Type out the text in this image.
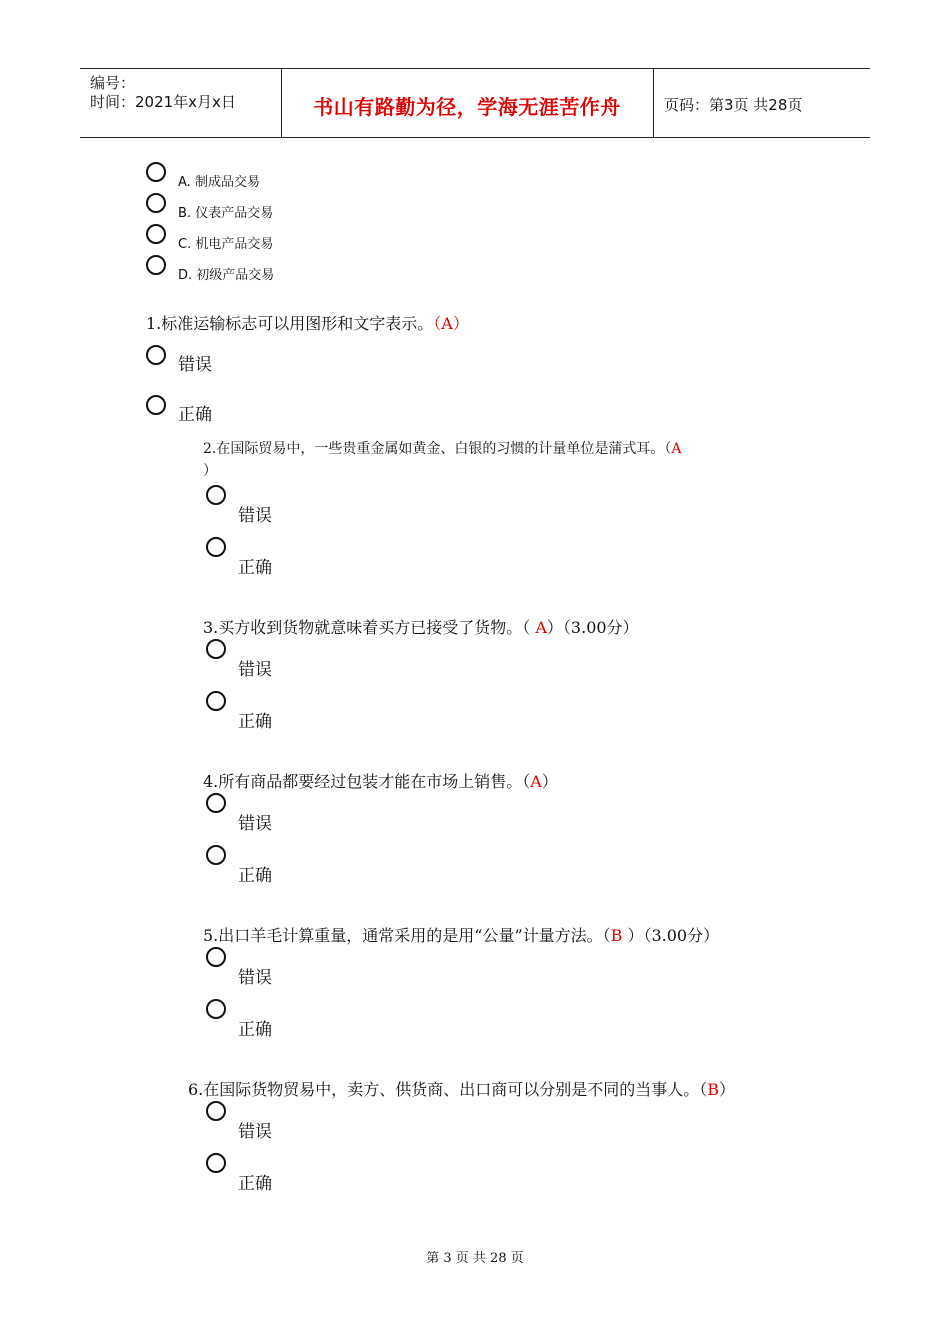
编号：
时间：2021年x月x日	书山有路勤为径，学海无涯苦作舟	页码：第3页 共28页
A. 制成品交易
B. 仪表产品交易
C. 机电产品交易
D. 初级产品交易
1.标准运输标志可以用图形和文字表示。（A）
错误
正确
2.在国际贸易中，一些贵重金属如黄金、白银的习惯的计量单位是蒲式耳。（A
）
错误
正确
3.买方收到货物就意味着买方已接受了货物。（ A）（3.00分）
错误
正确
4.所有商品都要经过包装才能在市场上销售。（A）
错误
正确
5.出口羊毛计算重量，通常采用的是用“公量”计量方法。（B ）（3.00分）
错误
正确
6.在国际货物贸易中，卖方、供货商、出口商可以分别是不同的当事人。（B）
错误
正确
第 3 页 共 28 页
